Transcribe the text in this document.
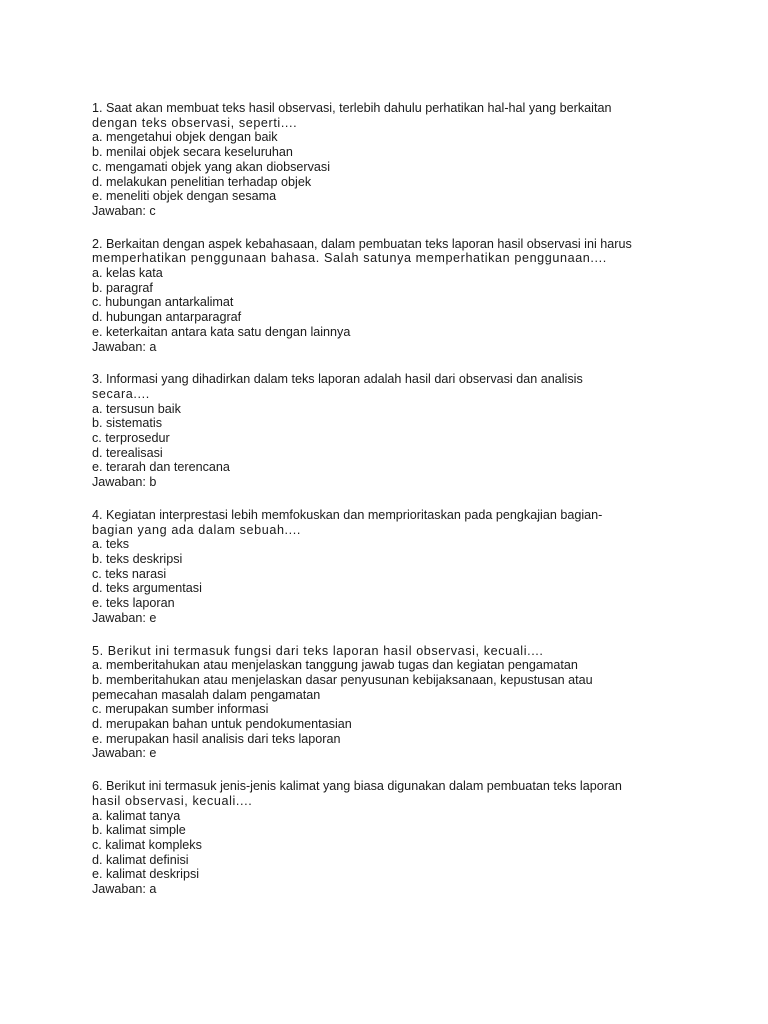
1. Saat akan membuat teks hasil observasi, terlebih dahulu perhatikan hal-hal yang berkaitan
dengan teks observasi, seperti....
a. mengetahui objek dengan baik
b. menilai objek secara keseluruhan
c. mengamati objek yang akan diobservasi
d. melakukan penelitian terhadap objek
e. meneliti objek dengan sesama
Jawaban: c
2. Berkaitan dengan aspek kebahasaan, dalam pembuatan teks laporan hasil observasi ini harus
memperhatikan penggunaan bahasa. Salah satunya memperhatikan penggunaan....
a. kelas kata
b. paragraf
c. hubungan antarkalimat
d. hubungan antarparagraf
e. keterkaitan antara kata satu dengan lainnya
Jawaban: a
3. Informasi yang dihadirkan dalam teks laporan adalah hasil dari observasi dan analisis
secara....
a. tersusun baik
b. sistematis
c. terprosedur
d. terealisasi
e. terarah dan terencana
Jawaban: b
4. Kegiatan interprestasi lebih memfokuskan dan memprioritaskan pada pengkajian bagian-
bagian yang ada dalam sebuah....
a. teks
b. teks deskripsi
c. teks narasi
d. teks argumentasi
e. teks laporan
Jawaban: e
5. Berikut ini termasuk fungsi dari teks laporan hasil observasi, kecuali....
a. memberitahukan atau menjelaskan tanggung jawab tugas dan kegiatan pengamatan
b. memberitahukan atau menjelaskan dasar penyusunan kebijaksanaan, kepustusan atau
pemecahan masalah dalam pengamatan
c. merupakan sumber informasi
d. merupakan bahan untuk pendokumentasian
e. merupakan hasil analisis dari teks laporan
Jawaban: e
6. Berikut ini termasuk jenis-jenis kalimat yang biasa digunakan dalam pembuatan teks laporan
hasil observasi, kecuali....
a. kalimat tanya
b. kalimat simple
c. kalimat kompleks
d. kalimat definisi
e. kalimat deskripsi
Jawaban: a
